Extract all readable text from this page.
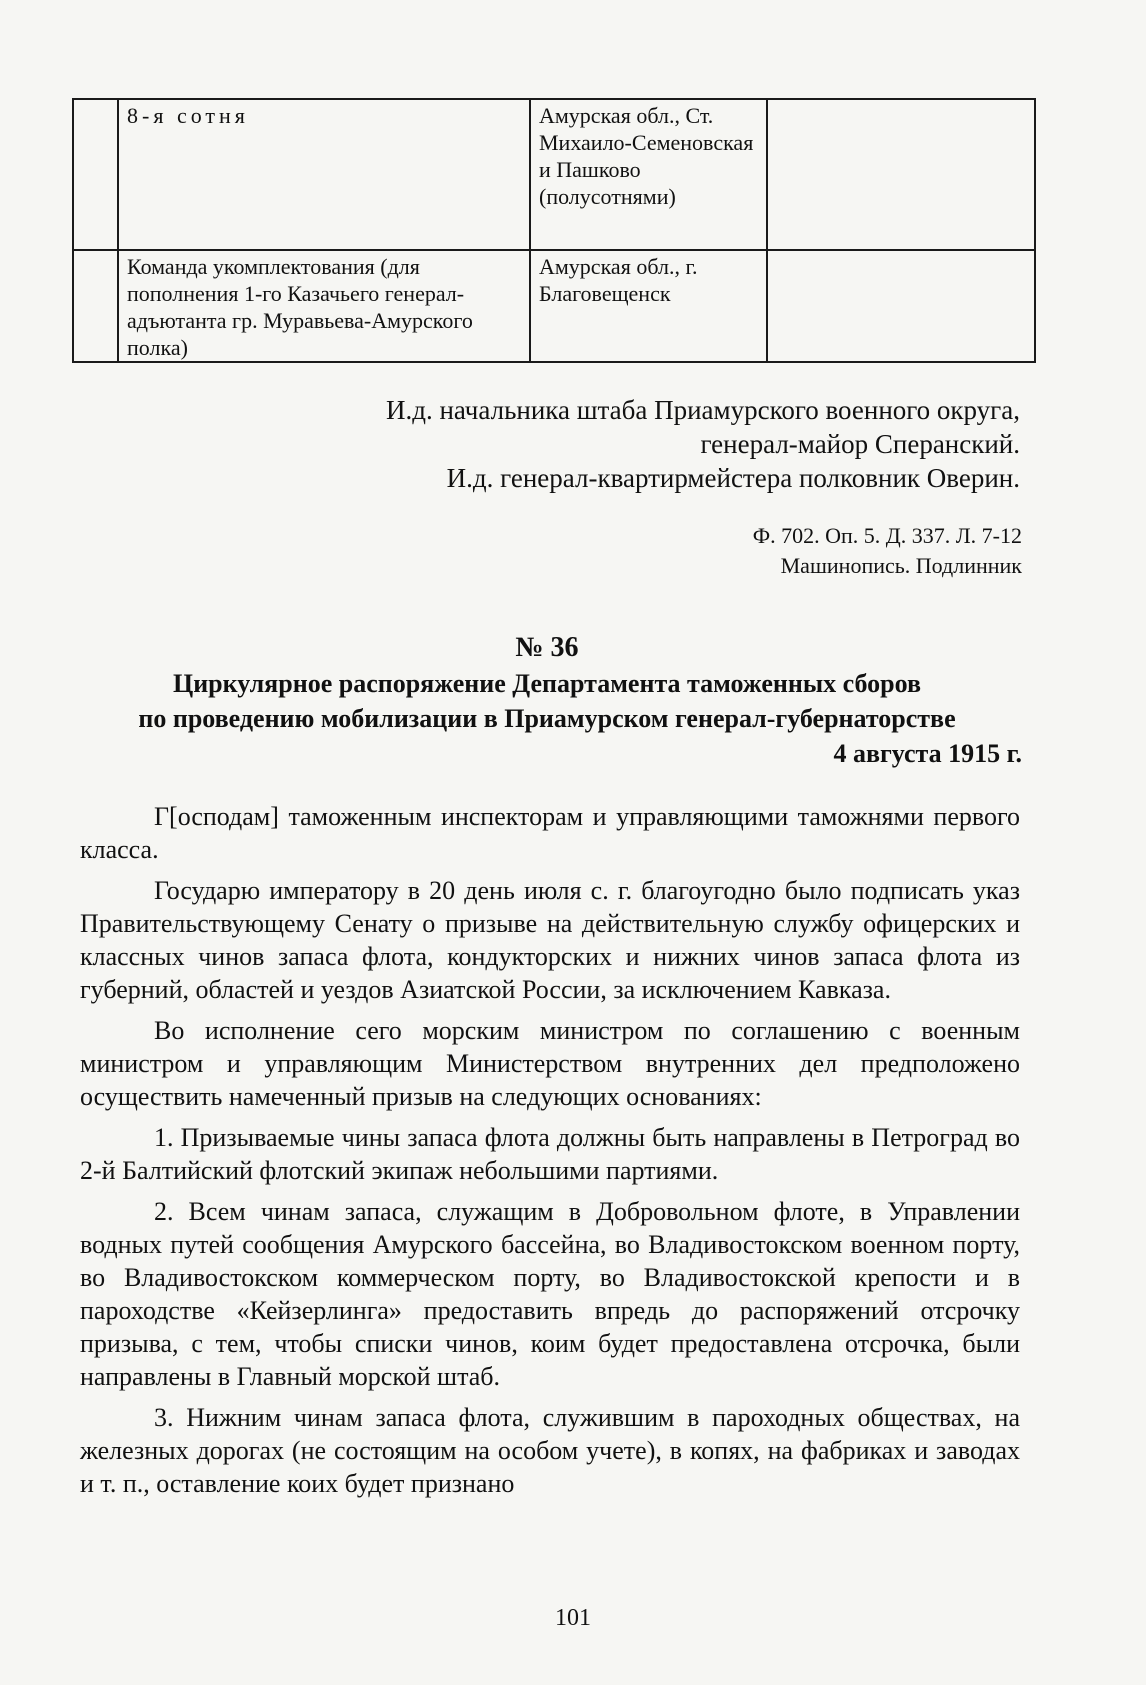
	8-я сотня	Амурская обл., Ст. Михаило-Семеновская и Пашково (полусотнями)	
	Команда укомплектования (для пополнения 1-го Казачьего генерал-адъютанта гр. Муравьева-Амурского полка)	Амурская обл., г. Благовещенск	
И.д. начальника штаба Приамурского военного округа,
генерал-майор Сперанский.
И.д. генерал-квартирмейстера полковник Оверин.
Ф. 702. Оп. 5. Д. 337. Л. 7-12
Машинопись. Подлинник
№ 36
Циркулярное распоряжение Департамента таможенных сборов
по проведению мобилизации в Приамурском генерал-губернаторстве
4 августа 1915 г.

Г[осподам] таможенным инспекторам и управляющими таможнями первого класса.

Государю императору в 20 день июля с. г. благоугодно было подписать указ Правительствующему Сенату о призыве на действительную службу офицерских и классных чинов запаса флота, кондукторских и нижних чинов запаса флота из губерний, областей и уездов Азиатской России, за исключением Кавказа.

Во исполнение сего морским министром по соглашению с военным министром и управляющим Министерством внутренних дел предположено осуществить намеченный призыв на следующих основаниях:

1. Призываемые чины запаса флота должны быть направлены в Петроград во 2-й Балтийский флотский экипаж небольшими партиями.

2. Всем чинам запаса, служащим в Добровольном флоте, в Управлении водных путей сообщения Амурского бассейна, во Владивостокском военном порту, во Владивостокском коммерческом порту, во Владивостокской крепости и в пароходстве «Кейзерлинга» предоставить впредь до распоряжений отсрочку призыва, с тем, чтобы списки чинов, коим будет предоставлена отсрочка, были направлены в Главный морской штаб.

3. Нижним чинам запаса флота, служившим в пароходных обществах, на железных дорогах (не состоящим на особом учете), в копях, на фабриках и заводах и т. п., оставление коих будет признано

101
